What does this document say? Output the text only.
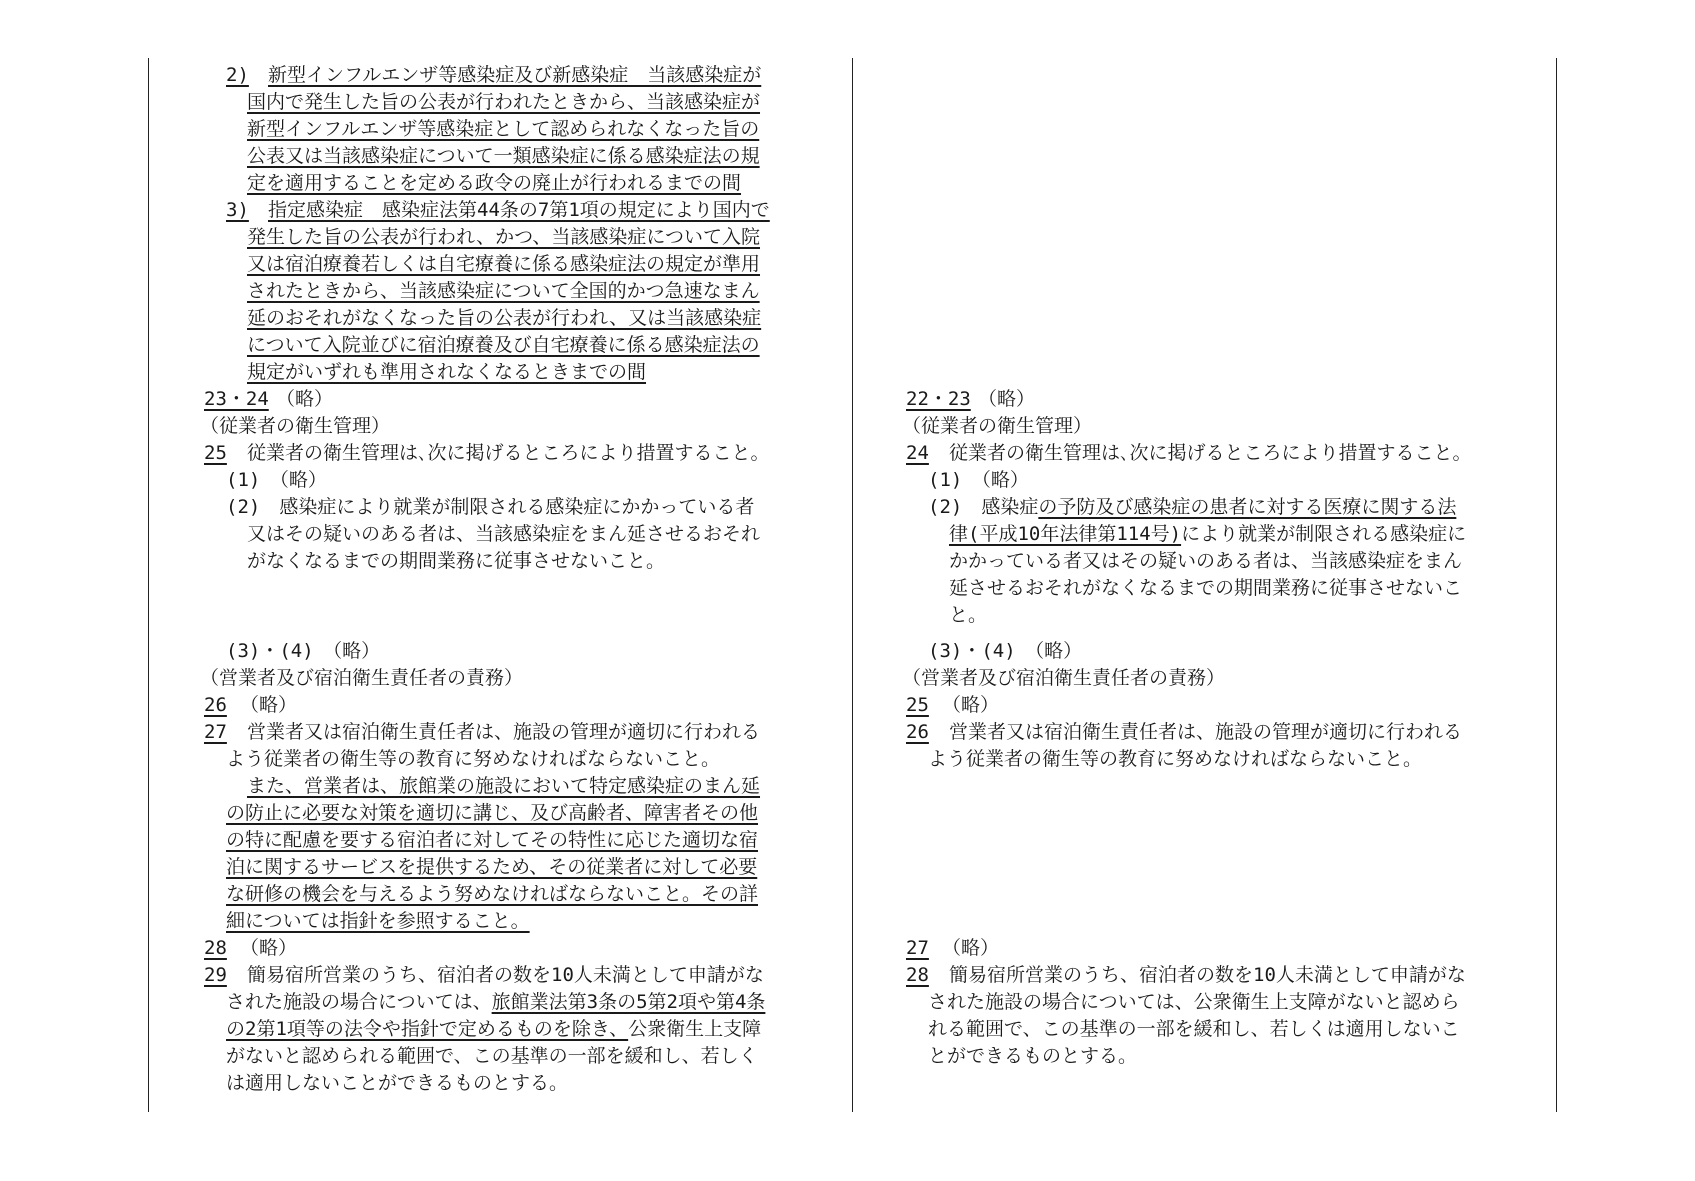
2) 新型インフルエンザ等感染症及び新感染症　当該感染症が
国内で発生した旨の公表が行われたときから、当該感染症が
新型インフルエンザ等感染症として認められなくなった旨の
公表又は当該感染症について一類感染症に係る感染症法の規
定を適用することを定める政令の廃止が行われるまでの間
3) 指定感染症　感染症法第44条の7第1項の規定により国内で
発生した旨の公表が行われ、かつ、当該感染症について入院
又は宿泊療養若しくは自宅療養に係る感染症法の規定が準用
されたときから、当該感染症について全国的かつ急速なまん
延のおそれがなくなった旨の公表が行われ、又は当該感染症
について入院並びに宿泊療養及び自宅療養に係る感染症法の
規定がいずれも準用されなくなるときまでの間
23・24 （略）
（従業者の衛生管理）
25 従業者の衛生管理は､次に掲げるところにより措置すること。
(1)　（略）
(2)　感染症により就業が制限される感染症にかかっている者
又はその疑いのある者は、当該感染症をまん延させるおそれ
がなくなるまでの期間業務に従事させないこと。
(3)・(4)　（略）
（営業者及び宿泊衛生責任者の責務）
26 （略）
27 営業者又は宿泊衛生責任者は、施設の管理が適切に行われる
よう従業者の衛生等の教育に努めなければならないこと。
また、営業者は、旅館業の施設において特定感染症のまん延
の防止に必要な対策を適切に講じ、及び高齢者、障害者その他
の特に配慮を要する宿泊者に対してその特性に応じた適切な宿
泊に関するサービスを提供するため、その従業者に対して必要
な研修の機会を与えるよう努めなければならないこと。その詳
細については指針を参照すること。
28 （略）
29 簡易宿所営業のうち、宿泊者の数を10人未満として申請がな
された施設の場合については、旅館業法第3条の5第2項や第4条
の2第1項等の法令や指針で定めるものを除き、公衆衛生上支障
がないと認められる範囲で、この基準の一部を緩和し、若しく
は適用しないことができるものとする。
22・23 （略）
（従業者の衛生管理）
24 従業者の衛生管理は､次に掲げるところにより措置すること。
(1)　（略）
(2)　感染症の予防及び感染症の患者に対する医療に関する法
律(平成10年法律第114号)により就業が制限される感染症に
かかっている者又はその疑いのある者は、当該感染症をまん
延させるおそれがなくなるまでの期間業務に従事させないこ
と。
(3)・(4)　（略）
（営業者及び宿泊衛生責任者の責務）
25 （略）
26 営業者又は宿泊衛生責任者は、施設の管理が適切に行われる
よう従業者の衛生等の教育に努めなければならないこと。
27 （略）
28 簡易宿所営業のうち、宿泊者の数を10人未満として申請がな
された施設の場合については、公衆衛生上支障がないと認めら
れる範囲で、この基準の一部を緩和し、若しくは適用しないこ
とができるものとする。
